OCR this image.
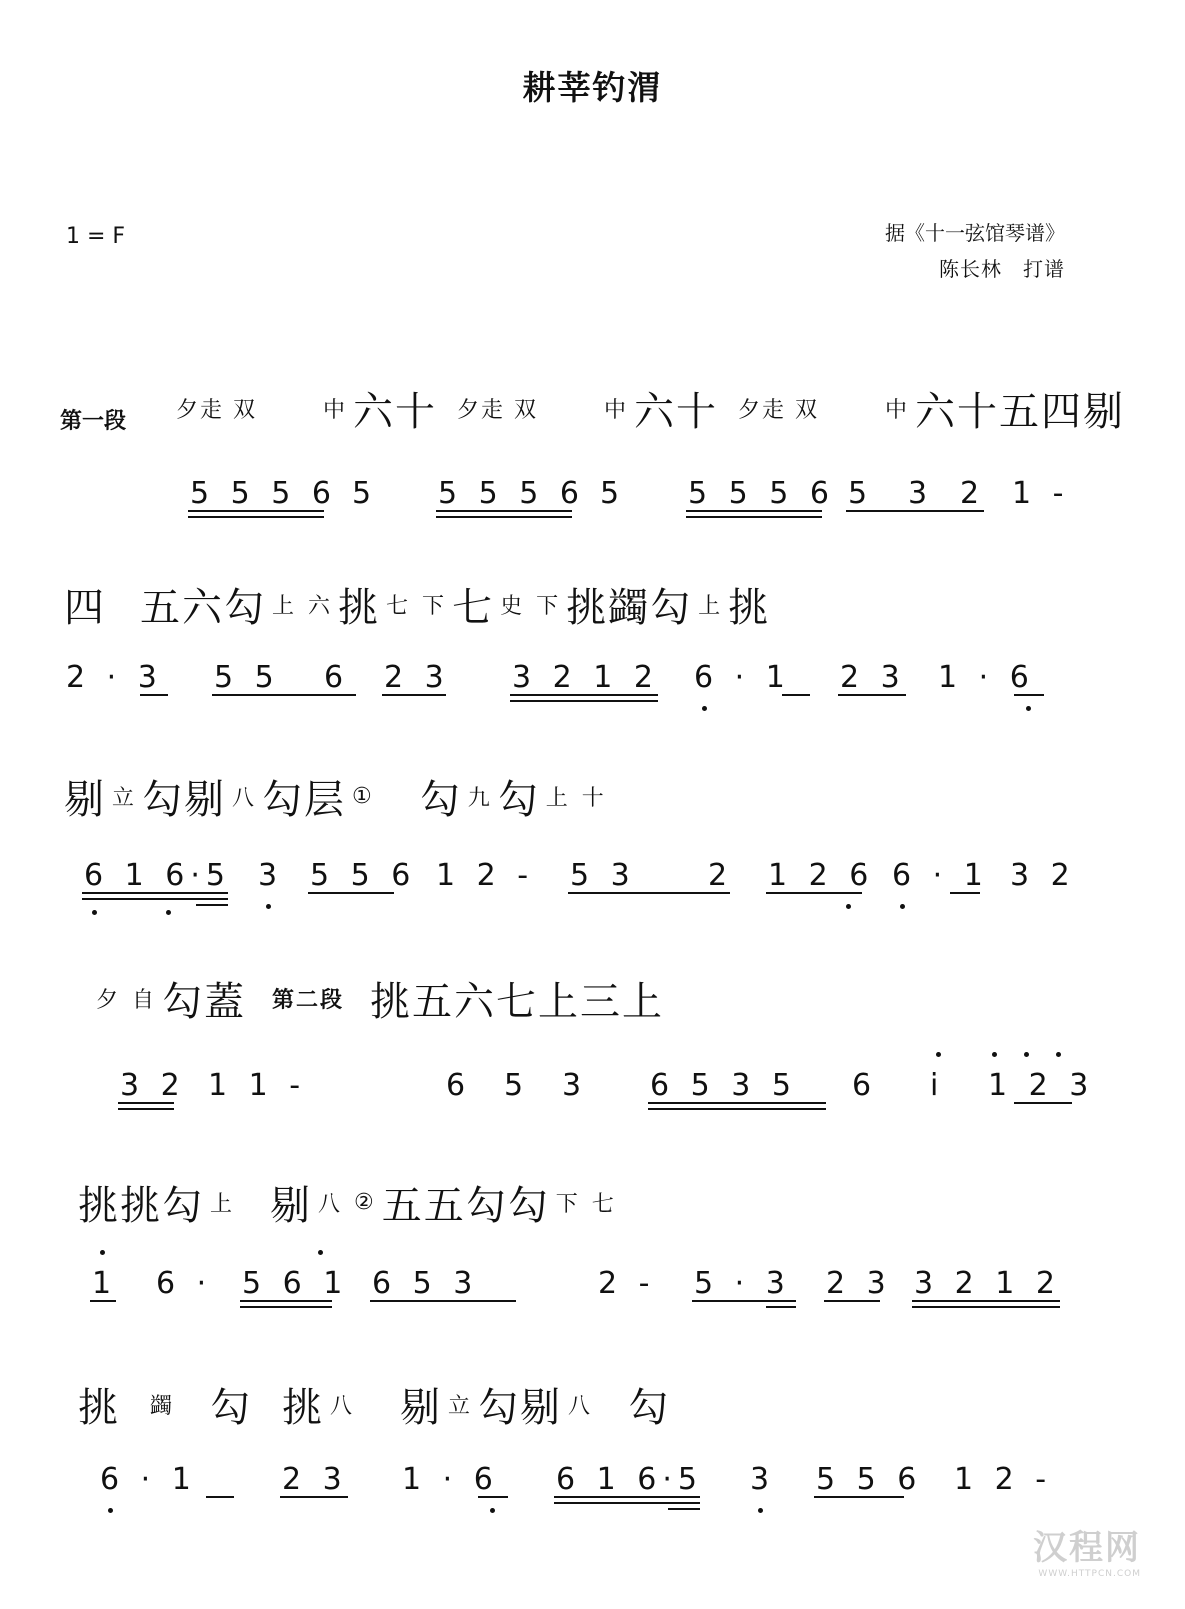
耕莘钓渭
1 = F	据《十一弦馆琴谱》
陈长林　打谱
第一段 夕走 双	中 六十 夕走 双	中 六十 夕走 双	中 六十 五 四 剔
5 5 5 6 5 5 5 5 6 5 5 5 5 6 5 3 2 1 -
四 五 六 勾 上 六 挑 七 下 七 史 下 挑 蠲 勾 上 挑
2 · 3 5 5 6 2 3 3 2 1 2 6 · 1 2 3 1 · 6
剔 立 勾 剔 八 勾 层 ① 勾 九 勾 上 十
6 1 6·5 3 5 5 6 1 2 - 5 3 2 1 2 6 6 · 1 3 2
夕 自 勾 蓋 第二段 挑 五 六 七 上 三 上
3 2 1 1 -	6 5 3 6 5 3 5 6 i 1 2 3
挑 挑 勾 上 剔 八 ② 五 五 勾 勾 下 七
1 6 · 5 6 1 6 5 3	2 - 5 · 3 2 3 3 2 1 2
挑 蠲 勾 挑 八 剔 立 勾 剔 八 勾
6 · 1	2 3 1 · 6 6 1 6·5 3 5 5 6 1 2 -
汉程网
WWW.HTTPCN.COM
